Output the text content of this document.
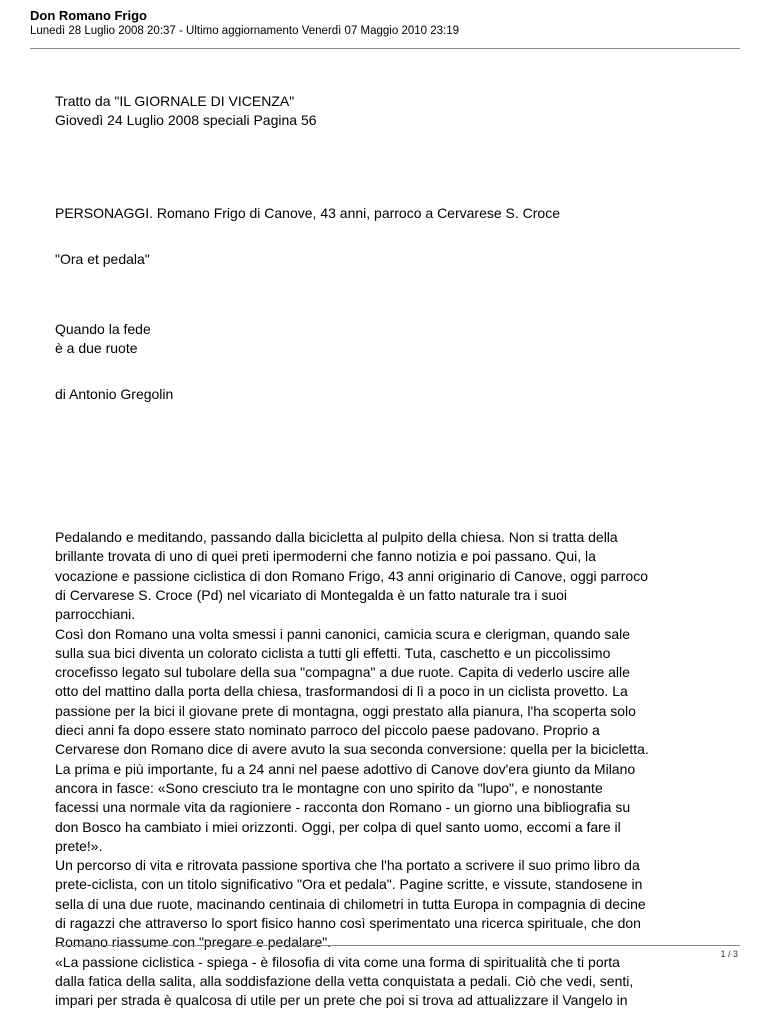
Don Romano Frigo
Lunedì 28 Luglio 2008 20:37 - Ultimo aggiornamento Venerdì 07 Maggio 2010 23:19
Tratto da "IL GIORNALE DI VICENZA"
Giovedì 24 Luglio 2008 speciali Pagina 56
PERSONAGGI. Romano Frigo di Canove, 43 anni, parroco a Cervarese S. Croce
"Ora et pedala"
Quando la fede
è a due ruote
di Antonio Gregolin
Pedalando e meditando, passando dalla bicicletta al pulpito della chiesa. Non si tratta della
brillante trovata di uno di quei preti ipermoderni che fanno notizia e poi passano. Qui, la
vocazione e passione ciclistica di don Romano Frigo, 43 anni originario di Canove, oggi parroco
di Cervarese S. Croce (Pd) nel vicariato di Montegalda è un fatto naturale tra i suoi
parrocchiani.
Così don Romano una volta smessi i panni canonici, camicia scura e clerigman, quando sale
sulla sua bici diventa un colorato ciclista a tutti gli effetti. Tuta, caschetto e un piccolissimo
crocefisso legato sul tubolare della sua "compagna" a due ruote. Capita di vederlo uscire alle
otto del mattino dalla porta della chiesa, trasformandosi di lì a poco in un ciclista provetto. La
passione per la bici il giovane prete di montagna, oggi prestato alla pianura, l'ha scoperta solo
dieci anni fa dopo essere stato nominato parroco del piccolo paese padovano. Proprio a
Cervarese don Romano dice di avere avuto la sua seconda conversione: quella per la bicicletta.
La prima e più importante, fu a 24 anni nel paese adottivo di Canove dov'era giunto da Milano
ancora in fasce: «Sono cresciuto tra le montagne con uno spirito da "lupo", e nonostante
facessi una normale vita da ragioniere - racconta don Romano - un giorno una bibliografia su
don Bosco ha cambiato i miei orizzonti. Oggi, per colpa di quel santo uomo, eccomi a fare il
prete!».
Un percorso di vita e ritrovata passione sportiva che l'ha portato a scrivere il suo primo libro da
prete-ciclista, con un titolo significativo "Ora et pedala". Pagine scritte, e vissute, standosene in
sella di una due ruote, macinando centinaia di chilometri in tutta Europa in compagnia di decine
di ragazzi che attraverso lo sport fisico hanno così sperimentato una ricerca spirituale, che don
Romano riassume con "pregare e pedalare".
«La passione ciclistica - spiega - è filosofia di vita come una forma di spiritualità che ti porta
dalla fatica della salita, alla soddisfazione della vetta conquistata a pedali. Ciò che vedi, senti,
impari per strada è qualcosa di utile per un prete che poi si trova ad attualizzare il Vangelo in
1 / 3
